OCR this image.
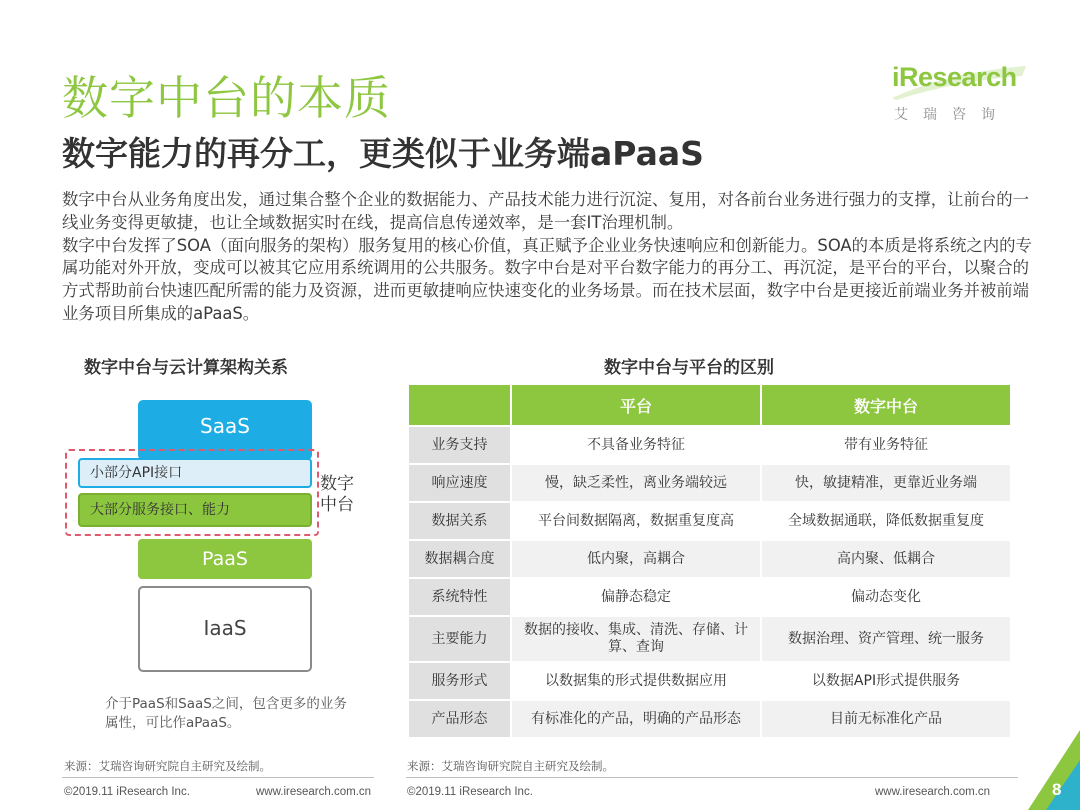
数字中台的本质
数字能力的再分工，更类似于业务端aPaaS
iResearch
艾瑞咨询

数字中台从业务角度出发，通过集合整个企业的数据能力、产品技术能力进行沉淀、复用，对各前台业务进行强力的支撑，让前台的一线业务变得更敏捷，也让全域数据实时在线，提高信息传递效率，是一套IT治理机制。

数字中台发挥了SOA（面向服务的架构）服务复用的核心价值，真正赋予企业业务快速响应和创新能力。SOA的本质是将系统之内的专属功能对外开放，变成可以被其它应用系统调用的公共服务。数字中台是对平台数字能力的再分工、再沉淀，是平台的平台，以聚合的方式帮助前台快速匹配所需的能力及资源，进而更敏捷响应快速变化的业务场景。而在技术层面，数字中台是更接近前端业务并被前端业务项目所集成的aPaaS。

数字中台与云计算架构关系	数字中台与平台的区别
SaaS
小部分API接口
大部分服务接口、能力
数字中台
PaaS
IaaS
介于PaaS和SaaS之间，包含更多的业务属性，可比作aPaaS。
	平台	数字中台
业务支持	不具备业务特征	带有业务特征
响应速度	慢，缺乏柔性，离业务端较远	快，敏捷精准，更靠近业务端
数据关系	平台间数据隔离，数据重复度高	全域数据通联，降低数据重复度
数据耦合度	低内聚，高耦合	高内聚、低耦合
系统特性	偏静态稳定	偏动态变化
主要能力	数据的接收、集成、清洗、存储、计算、查询	数据治理、资产管理、统一服务
服务形式	以数据集的形式提供数据应用	以数据API形式提供服务
产品形态	有标准化的产品，明确的产品形态	目前无标准化产品
来源：艾瑞咨询研究院自主研究及绘制。	来源：艾瑞咨询研究院自主研究及绘制。
©2019.11 iResearch Inc.	www.iresearch.com.cn	©2019.11 iResearch Inc.	www.iresearch.com.cn	8
